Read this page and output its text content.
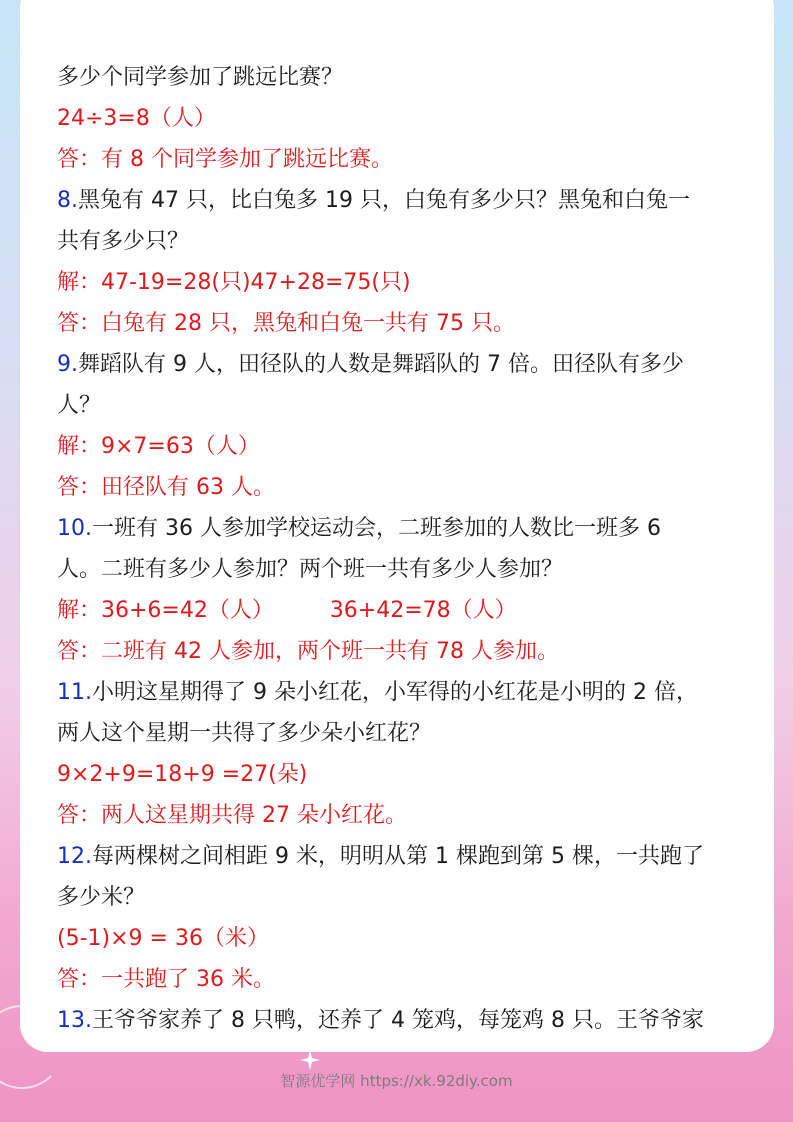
多少个同学参加了跳远比赛？
24÷3=8（人）
答：有 8 个同学参加了跳远比赛。
8.黑兔有 47 只，比白兔多 19 只，白兔有多少只？黑兔和白兔一
共有多少只？
解：47-19=28(只)47+28=75(只)
答：白兔有 28 只，黑兔和白兔一共有 75 只。
9.舞蹈队有 9 人，田径队的人数是舞蹈队的 7 倍。田径队有多少
人？
解：9×7=63（人）
答：田径队有 63 人。
10.一班有 36 人参加学校运动会，二班参加的人数比一班多 6
人。二班有多少人参加？两个班一共有多少人参加？
解：36+6=42（人）        36+42=78（人）
答：二班有 42 人参加，两个班一共有 78 人参加。
11.小明这星期得了 9 朵小红花，小军得的小红花是小明的 2 倍，
两人这个星期一共得了多少朵小红花？
9×2+9=18+9 =27(朵)
答：两人这星期共得 27 朵小红花。
12.每两棵树之间相距 9 米，明明从第 1 棵跑到第 5 棵，一共跑了
多少米？
(5-1)×9 = 36（米）
答：一共跑了 36 米。
13.王爷爷家养了 8 只鸭，还养了 4 笼鸡，每笼鸡 8 只。王爷爷家
智源优学网 https://xk.92diy.com
